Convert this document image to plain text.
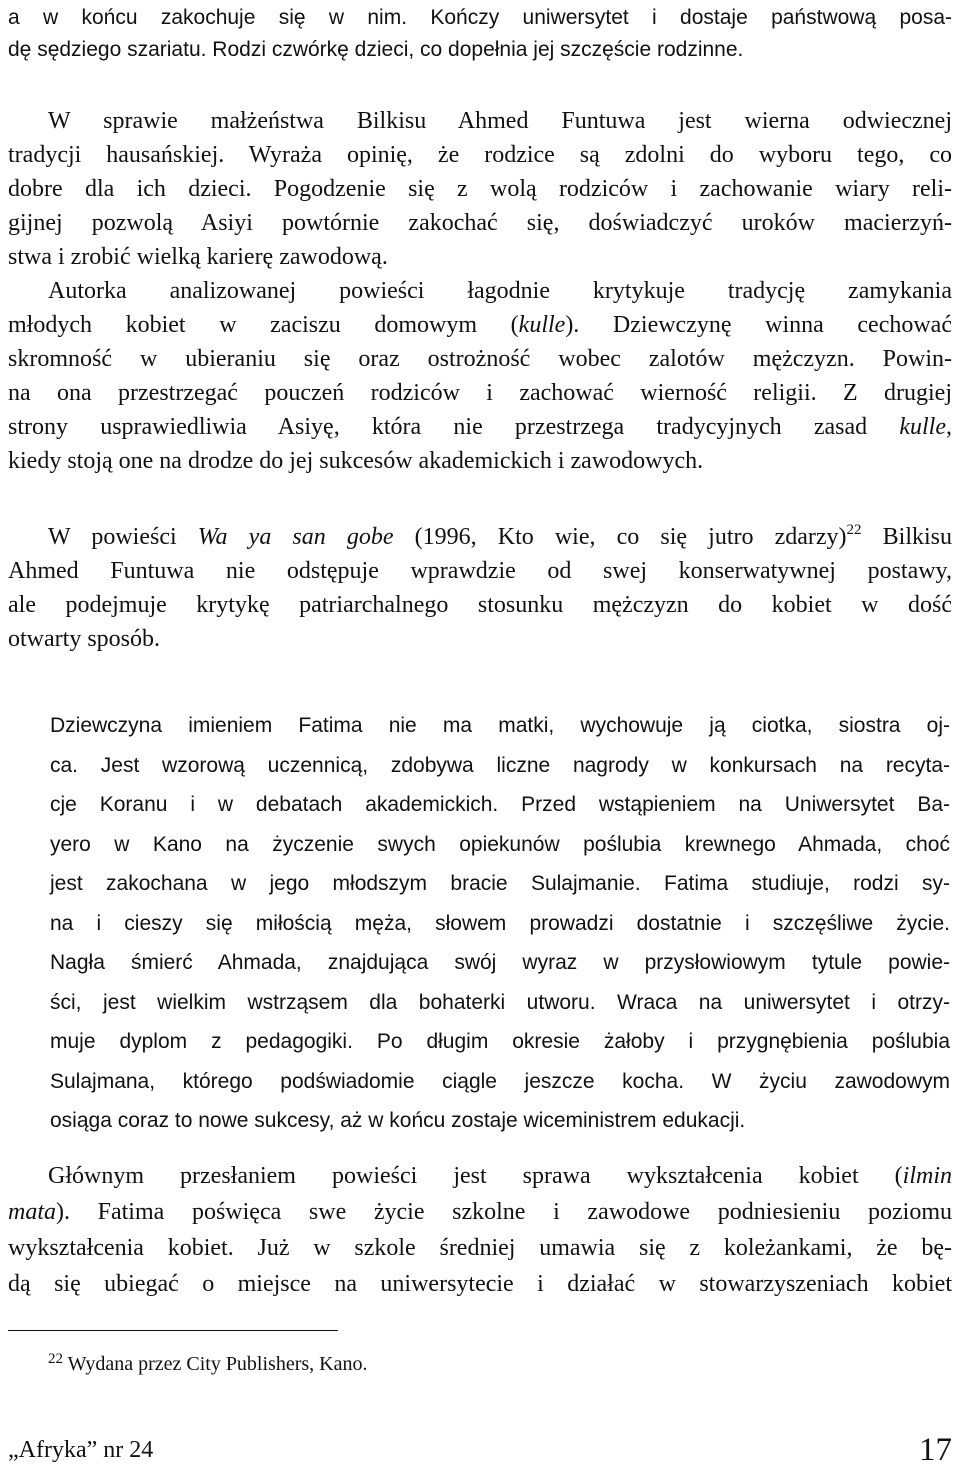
a w końcu zakochuje się w nim. Kończy uniwersytet i dostaje państwową posa-
dę sędziego szariatu. Rodzi czwórkę dzieci, co dopełnia jej szczęście rodzinne.
W sprawie małżeństwa Bilkisu Ahmed Funtuwa jest wierna odwiecznej
tradycji hausańskiej. Wyraża opinię, że rodzice są zdolni do wyboru tego, co
dobre dla ich dzieci. Pogodzenie się z wolą rodziców i zachowanie wiary reli-
gijnej pozwolą Asiyi powtórnie zakochać się, doświadczyć uroków macierzyń-
stwa i zrobić wielką karierę zawodową.
Autorka analizowanej powieści łagodnie krytykuje tradycję zamykania
młodych kobiet w zaciszu domowym (kulle). Dziewczynę winna cechować
skromność w ubieraniu się oraz ostrożność wobec zalotów mężczyzn. Powin-
na ona przestrzegać pouczeń rodziców i zachować wierność religii. Z drugiej
strony usprawiedliwia Asiyę, która nie przestrzega tradycyjnych zasad kulle,
kiedy stoją one na drodze do jej sukcesów akademickich i zawodowych.
W powieści Wa ya san gobe (1996, Kto wie, co się jutro zdarzy)$^{22}$ Bilkisu
Ahmed Funtuwa nie odstępuje wprawdzie od swej konserwatywnej postawy,
ale podejmuje krytykę patriarchalnego stosunku mężczyzn do kobiet w dość
otwarty sposób.
Dziewczyna imieniem Fatima nie ma matki, wychowuje ją ciotka, siostra oj-
ca. Jest wzorową uczennicą, zdobywa liczne nagrody w konkursach na recyta-
cje Koranu i w debatach akademickich. Przed wstąpieniem na Uniwersytet Ba-
yero w Kano na życzenie swych opiekunów poślubia krewnego Ahmada, choć
jest zakochana w jego młodszym bracie Sulajmanie. Fatima studiuje, rodzi sy-
na i cieszy się miłością męża, słowem prowadzi dostatnie i szczęśliwe życie.
Nagła śmierć Ahmada, znajdująca swój wyraz w przysłowiowym tytule powie-
ści, jest wielkim wstrząsem dla bohaterki utworu. Wraca na uniwersytet i otrzy-
muje dyplom z pedagogiki. Po długim okresie żałoby i przygnębienia poślubia
Sulajmana, którego podświadomie ciągle jeszcze kocha. W życiu zawodowym
osiąga coraz to nowe sukcesy, aż w końcu zostaje wiceministrem edukacji.
Głównym przesłaniem powieści jest sprawa wykształcenia kobiet (ilmin
mata). Fatima poświęca swe życie szkolne i zawodowe podniesieniu poziomu
wykształcenia kobiet. Już w szkole średniej umawia się z koleżankami, że bę-
dą się ubiegać o miejsce na uniwersytecie i działać w stowarzyszeniach kobiet

$^{22}$ Wydana przez City Publishers, Kano.

„Afryka” nr 24	17
